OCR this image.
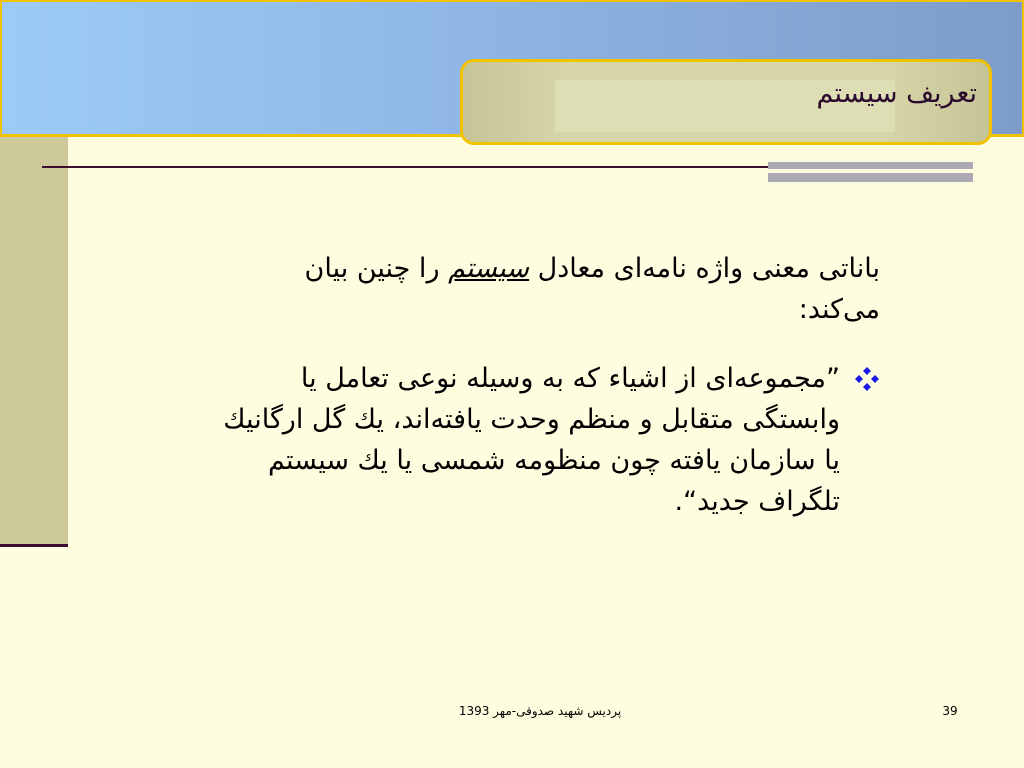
تعريف سيستم

باناتی معنی واژه نامه‌ای معادل سیستم را چنين بيان می‌کند:

”مجموعه‌ای از اشياء که به وسيله نوعی تعامل يا وابستگی متقابل و منظم وحدت يافته‌اند، يك گل ارگانيك يا سازمان يافته چون منظومه شمسی يا يك سيستم تلگراف جديد“.

پرديس شهيد صدوقی-مهر 1393	39
